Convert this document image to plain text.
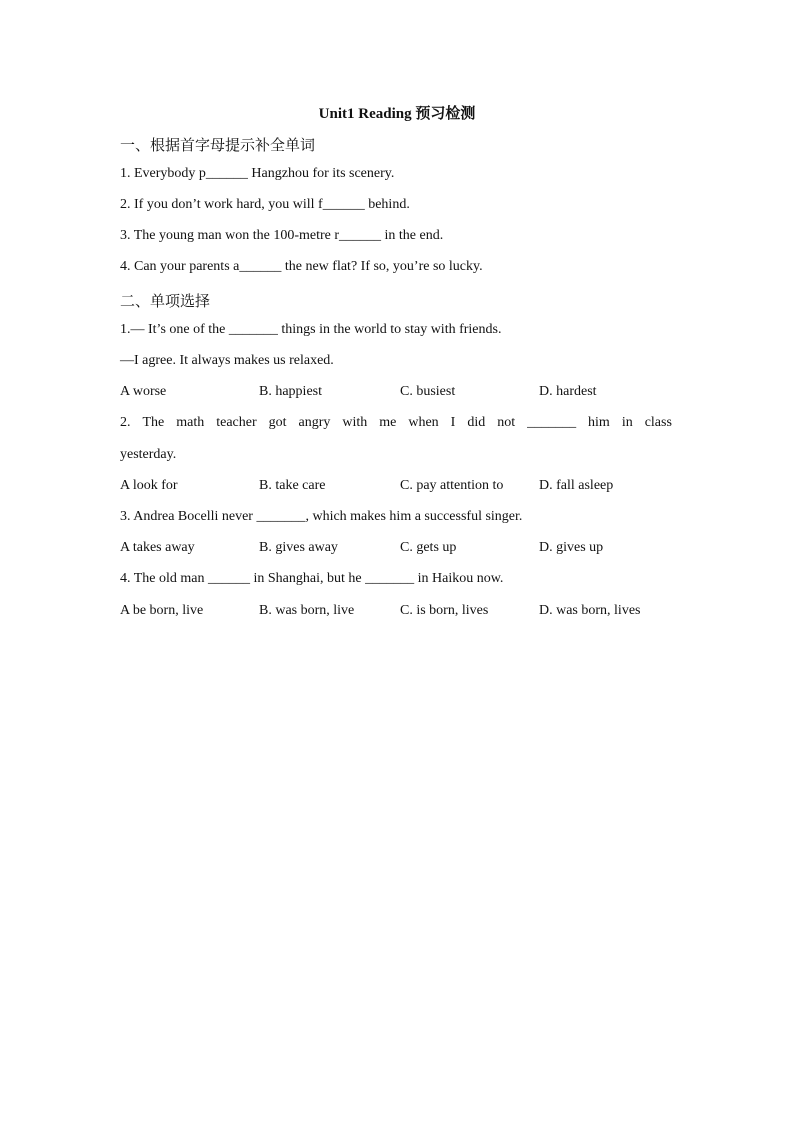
Unit1 Reading 预习检测
一、根据首字母提示补全单词
1. Everybody p______ Hangzhou for its scenery.
2. If you don’t work hard, you will f______ behind.
3. The young man won the 100-metre r______ in the end.
4. Can your parents a______ the new flat? If so, you’re so lucky.
二、单项选择
1.— It’s one of the _______ things in the world to stay with friends.
—I agree. It always makes us relaxed.
A worse	B. happiest	C. busiest	D. hardest
2. The math teacher got angry with me when I did not _______ him in class
yesterday.
A look for	B. take care	C. pay attention to	D. fall asleep
3. Andrea Bocelli never _______, which makes him a successful singer.
A takes away	B. gives away	C. gets up	D. gives up
4. The old man ______ in Shanghai, but he _______ in Haikou now.
A be born, live	B. was born, live	C. is born, lives	D. was born, lives
